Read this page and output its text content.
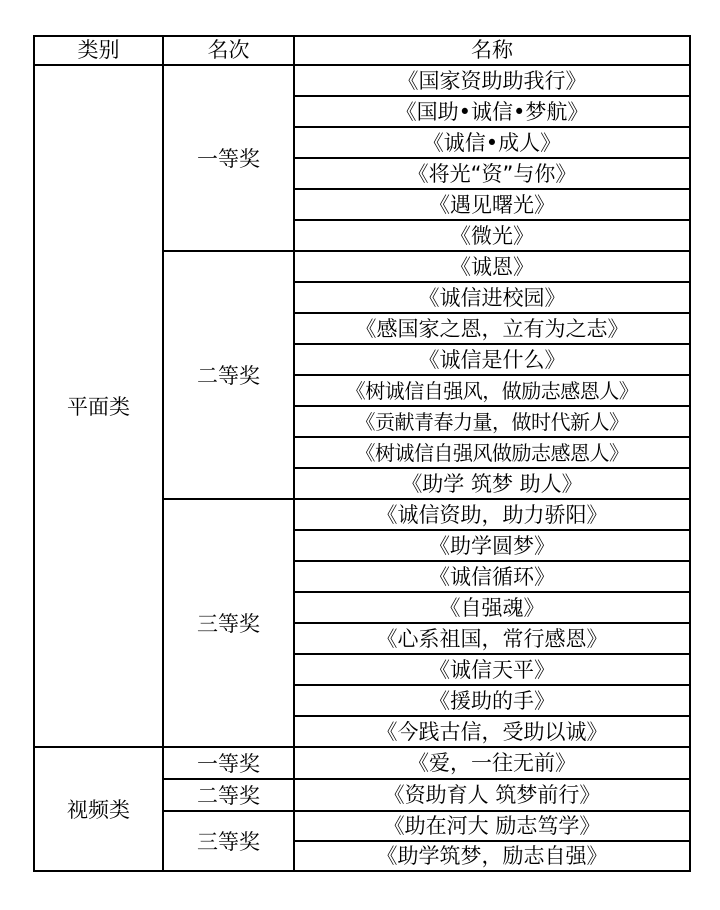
类别	名次	名称
平面类	一等奖	《国家资助助我行》
		《国助•诚信•梦航》
		《诚信•成人》
		《将光“资”与你》
		《遇见曙光》
		《微光》
	二等奖	《诚恩》
		《诚信进校园》
		《感国家之恩，立有为之志》
		《诚信是什么》
		《树诚信自强风，做励志感恩人》
		《贡献青春力量，做时代新人》
		《树诚信自强风做励志感恩人》
		《助学 筑梦 助人》
	三等奖	《诚信资助，助力骄阳》
		《助学圆梦》
		《诚信循环》
		《自强魂》
		《心系祖国，常行感恩》
		《诚信天平》
		《援助的手》
		《今践古信，受助以诚》
视频类	一等奖	《爱，一往无前》
	二等奖	《资助育人 筑梦前行》
	三等奖	《助在河大 励志笃学》
		《助学筑梦，励志自强》
